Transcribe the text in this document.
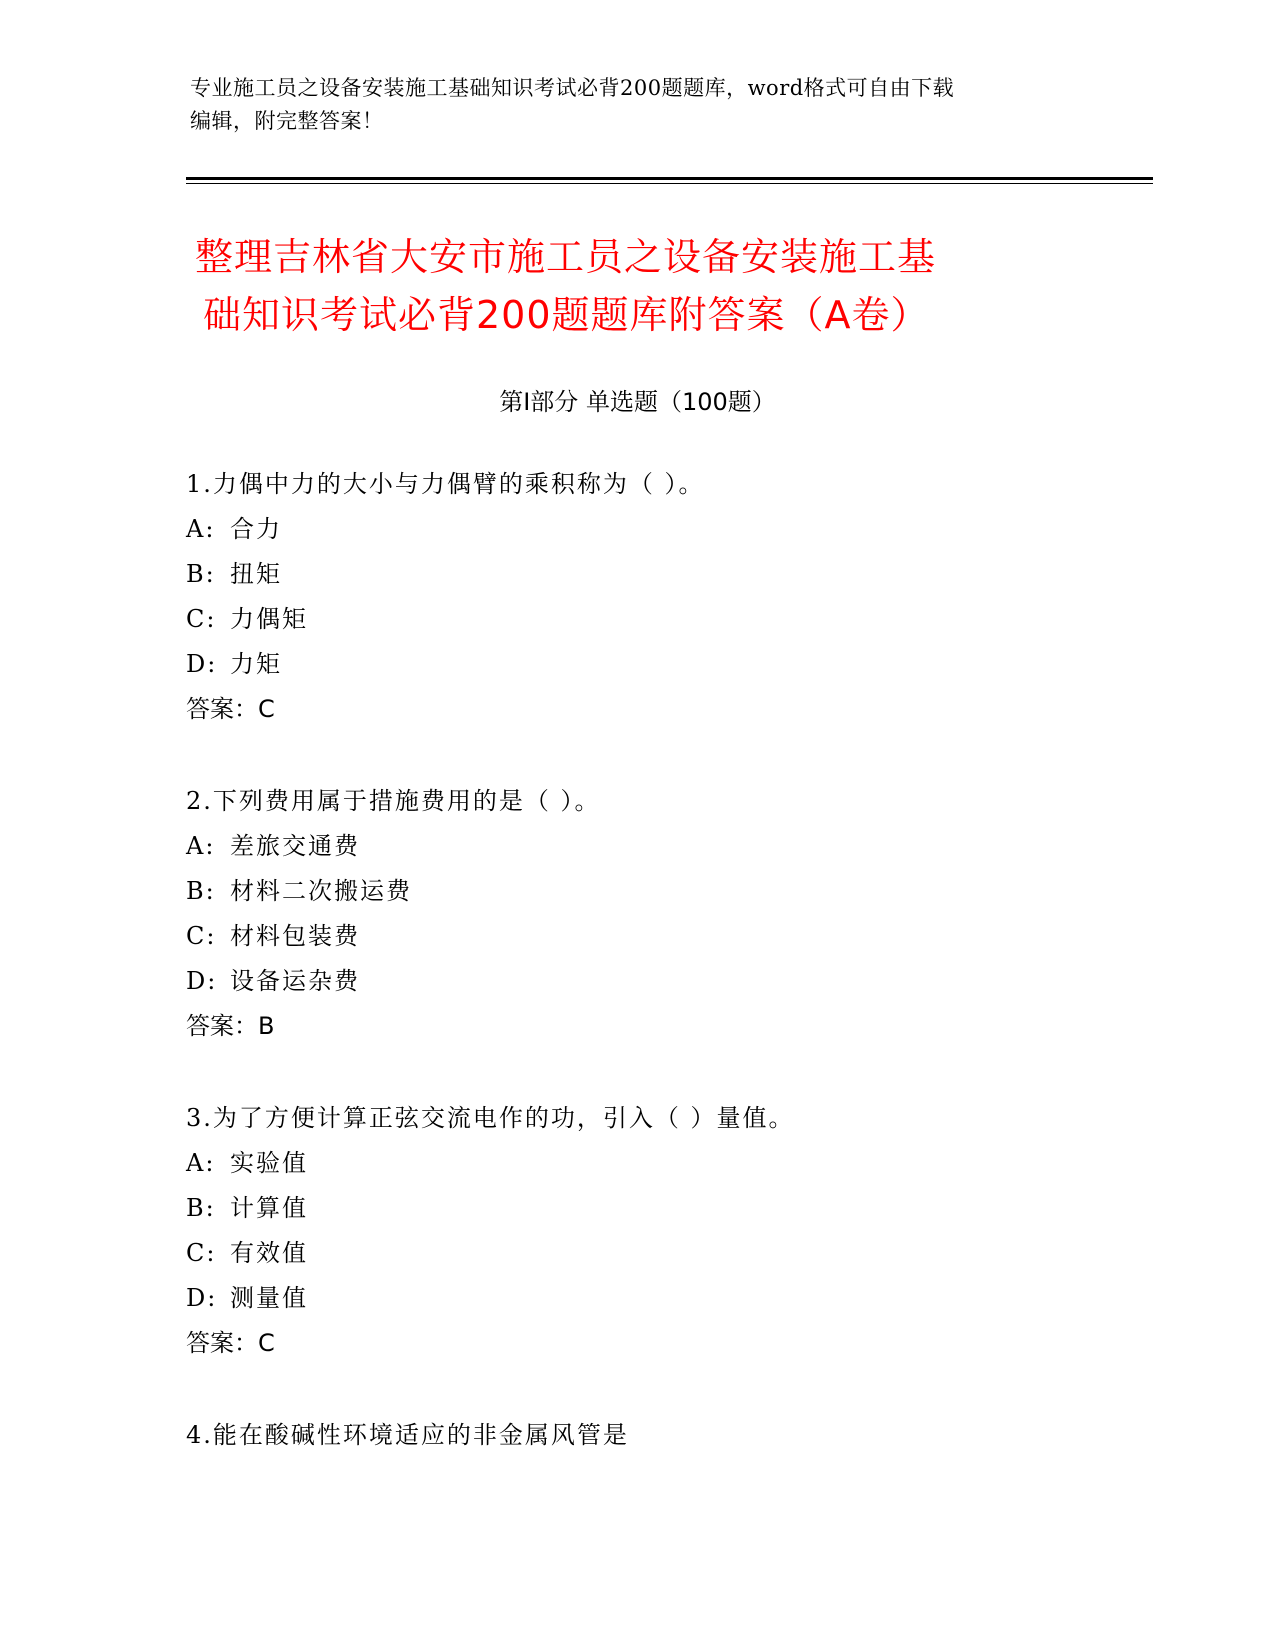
专业施工员之设备安装施工基础知识考试必背200题题库，word格式可自由下载
编辑，附完整答案！
整理吉林省大安市施工员之设备安装施工基
础知识考试必背200题题库附答案（A卷）
第Ⅰ部分 单选题（100题）
1.力偶中力的大小与力偶臂的乘积称为（ ）。
A: 合力
B: 扭矩
C: 力偶矩
D: 力矩
答案：C
2.下列费用属于措施费用的是（ ）。
A: 差旅交通费
B: 材料二次搬运费
C: 材料包装费
D: 设备运杂费
答案：B
3.为了方便计算正弦交流电作的功，引入（ ）量值。
A: 实验值
B: 计算值
C: 有效值
D: 测量值
答案：C
4.能在酸碱性环境适应的非金属风管是
